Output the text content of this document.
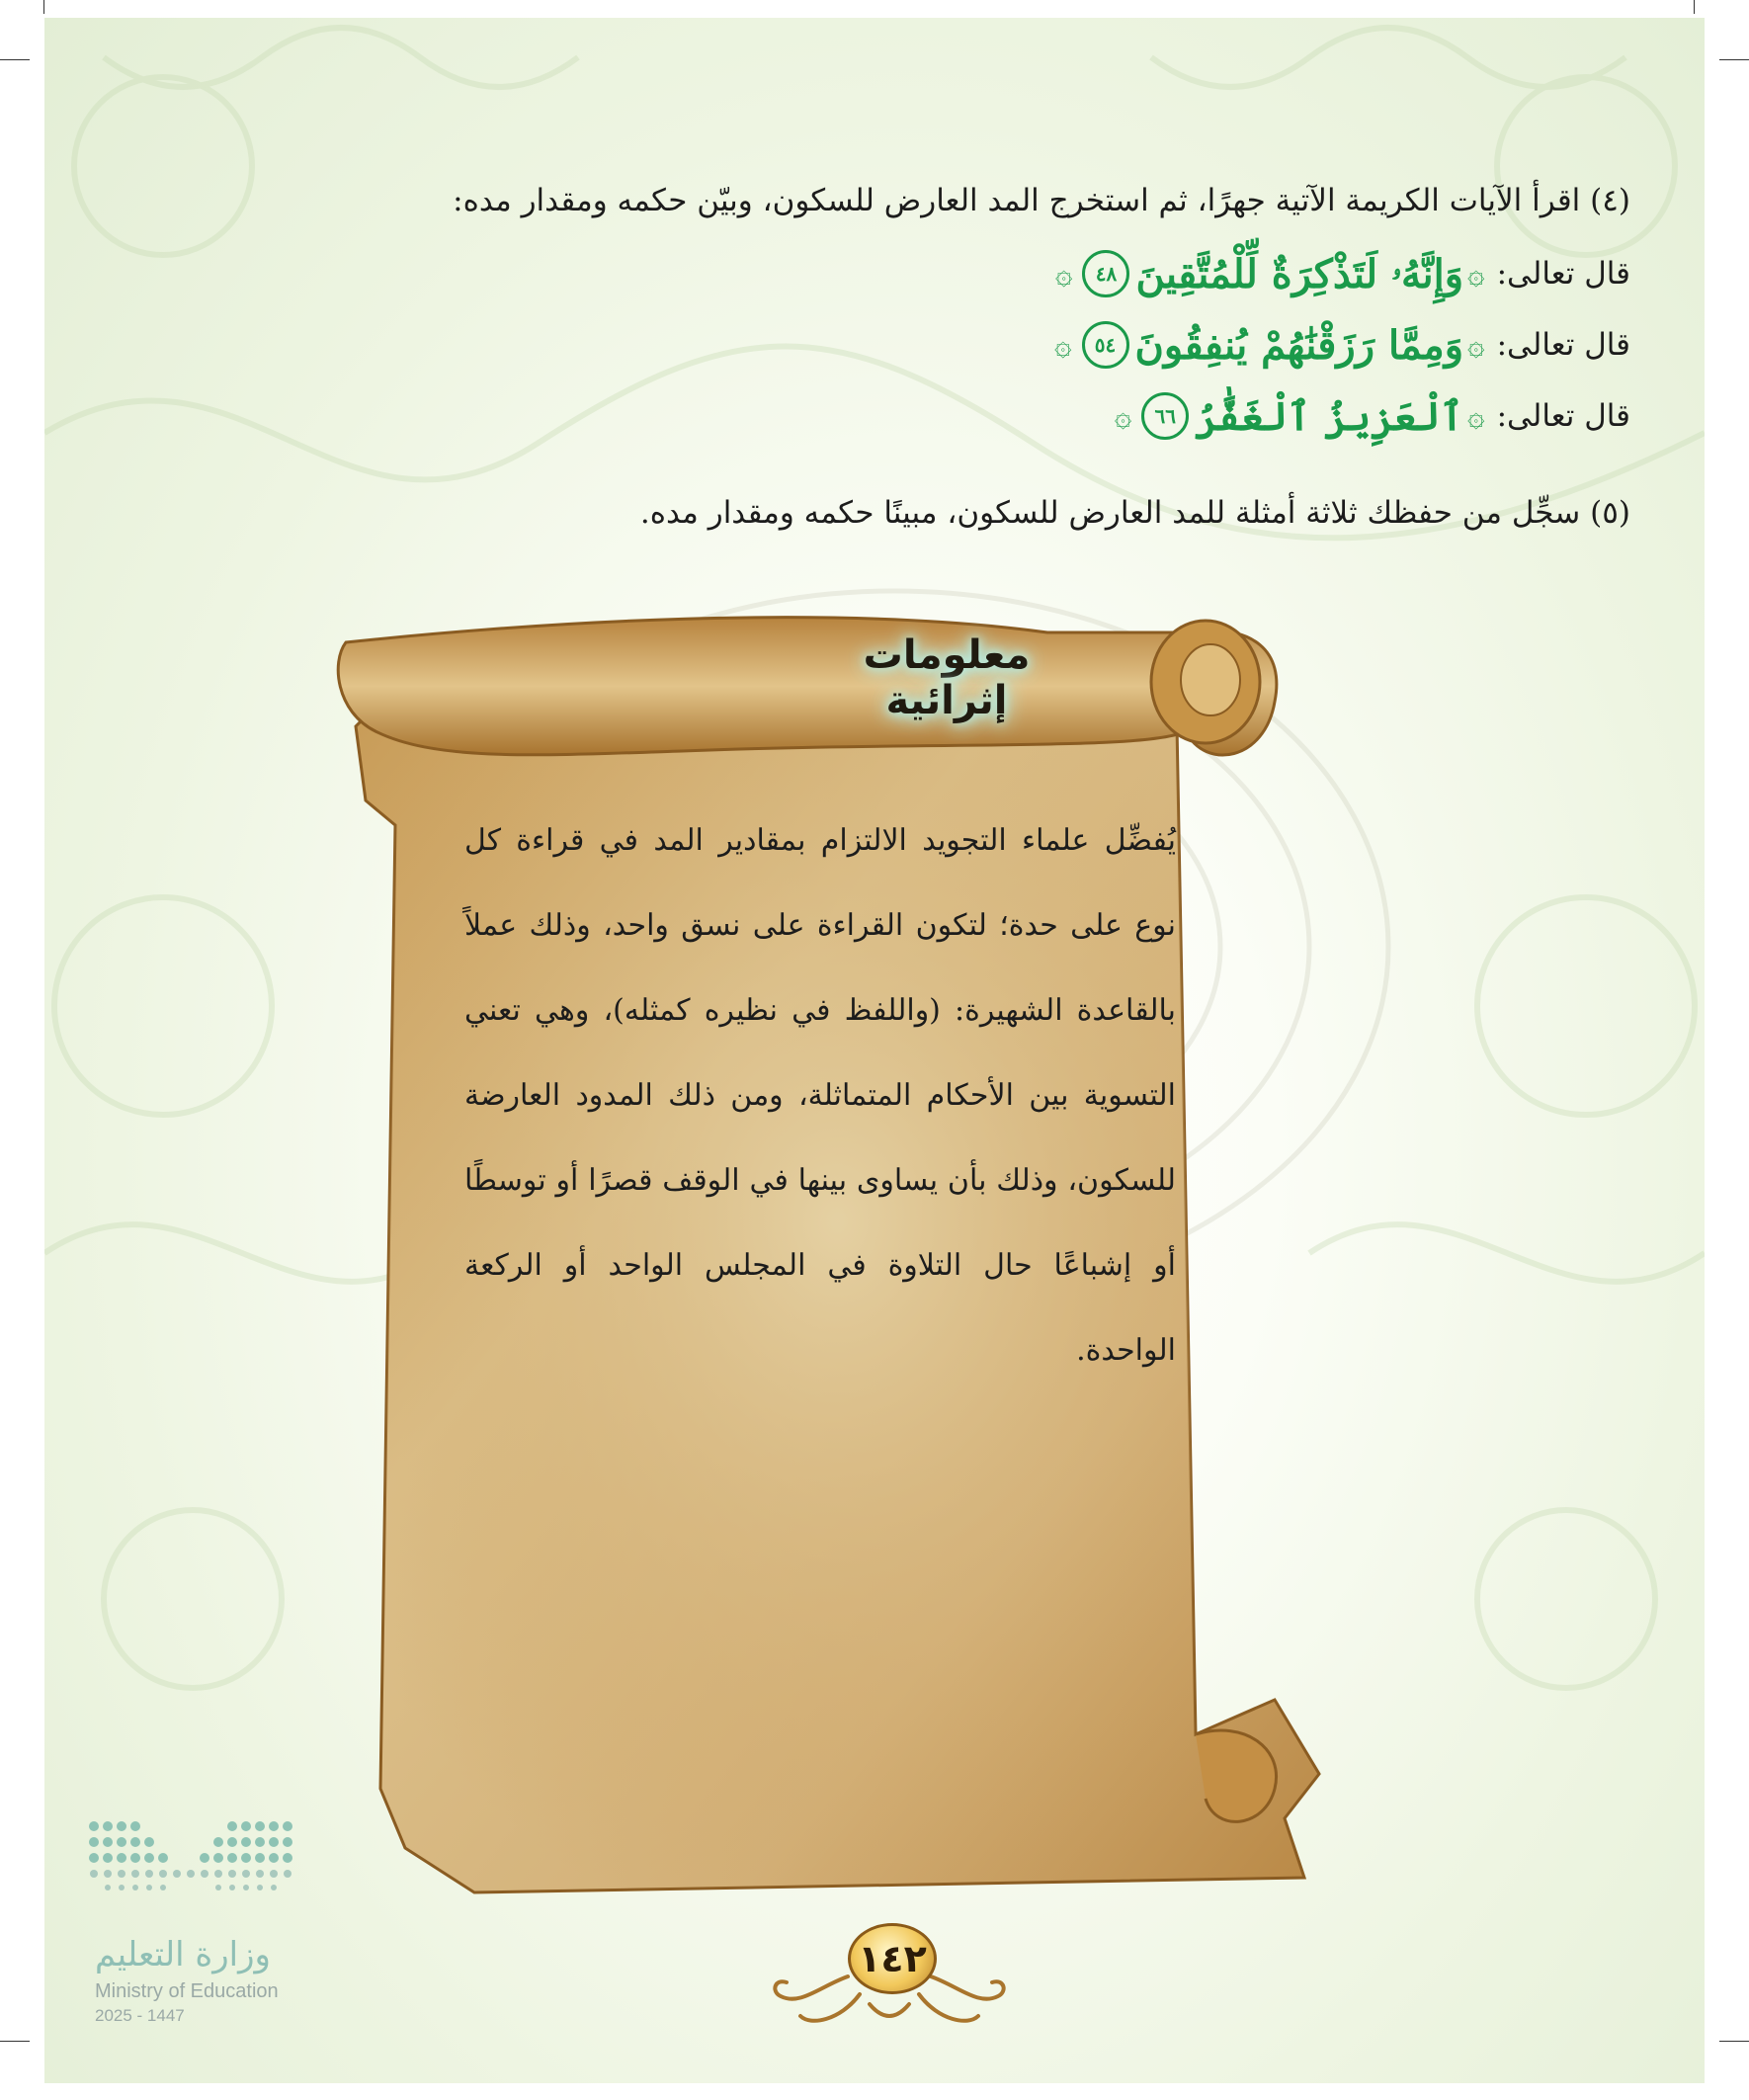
(٤) اقرأ الآيات الكريمة الآتية جهرًا، ثم استخرج المد العارض للسكون، وبيّن حكمه ومقدار مده:
قال تعالى:
۞
وَإِنَّهُۥ لَتَذْكِرَةٌ لِّلْمُتَّقِينَ
٤٨
۞
قال تعالى:
۞
وَمِمَّا رَزَقْنَٰهُمْ يُنفِقُونَ
٥٤
۞
قال تعالى:
۞
ٱلْعَزِيزُ ٱلْغَفَّٰرُ
٦٦
۞
(٥) سجِّل من حفظك ثلاثة أمثلة للمد العارض للسكون، مبينًا حكمه ومقدار مده.
معلومات إثرائية
يُفضِّل علماء التجويد الالتزام بمقادير المد في قراءة كل نوع على حدة؛ لتكون القراءة على نسق واحد، وذلك عملاً بالقاعدة الشهيرة: (واللفظ في نظيره كمثله)، وهي تعني التسوية بين الأحكام المتماثلة، ومن ذلك المدود العارضة للسكون، وذلك بأن يساوى بينها في الوقف قصرًا أو توسطًا أو إشباعًا حال التلاوة في المجلس الواحد أو الركعة الواحدة.
وزارة التعليم
Ministry of Education
2025 - 1447
١٤٢
